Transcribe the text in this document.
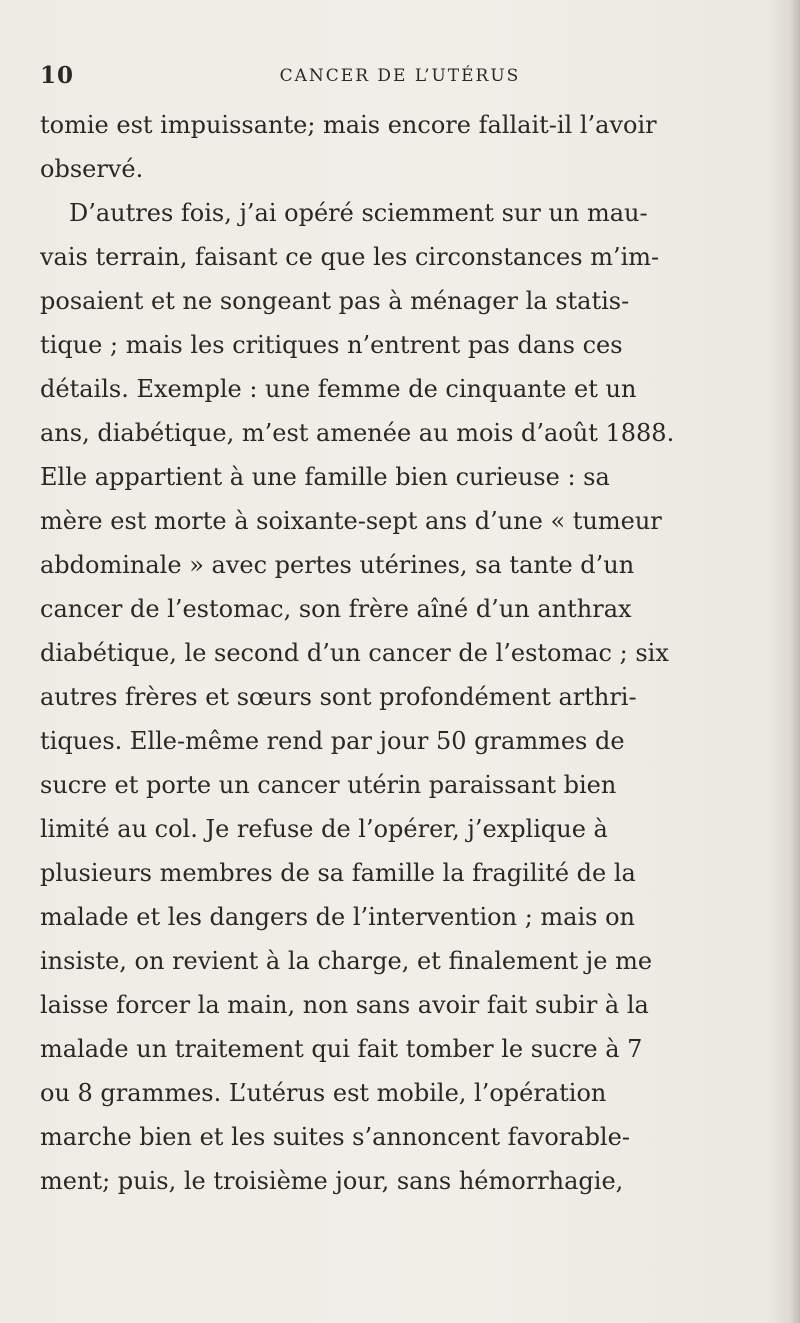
10	CANCER DE L’UTÉRUS
tomie est impuissante; mais encore fallait-il l’avoir
observé.
D’autres fois, j’ai opéré sciemment sur un mau-
vais terrain, faisant ce que les circonstances m’im-
posaient et ne songeant pas à ménager la statis-
tique ; mais les critiques n’entrent pas dans ces
détails. Exemple : une femme de cinquante et un
ans, diabétique, m’est amenée au mois d’août 1888.
Elle appartient à une famille bien curieuse : sa
mère est morte à soixante-sept ans d’une « tumeur
abdominale » avec pertes utérines, sa tante d’un
cancer de l’estomac, son frère aîné d’un anthrax
diabétique, le second d’un cancer de l’estomac ; six
autres frères et sœurs sont profondément arthri-
tiques. Elle-même rend par jour 50 grammes de
sucre et porte un cancer utérin paraissant bien
limité au col. Je refuse de l’opérer, j’explique à
plusieurs membres de sa famille la fragilité de la
malade et les dangers de l’intervention ; mais on
insiste, on revient à la charge, et finalement je me
laisse forcer la main, non sans avoir fait subir à la
malade un traitement qui fait tomber le sucre à 7
ou 8 grammes. L’utérus est mobile, l’opération
marche bien et les suites s’annoncent favorable-
ment; puis, le troisième jour, sans hémorrhagie,
